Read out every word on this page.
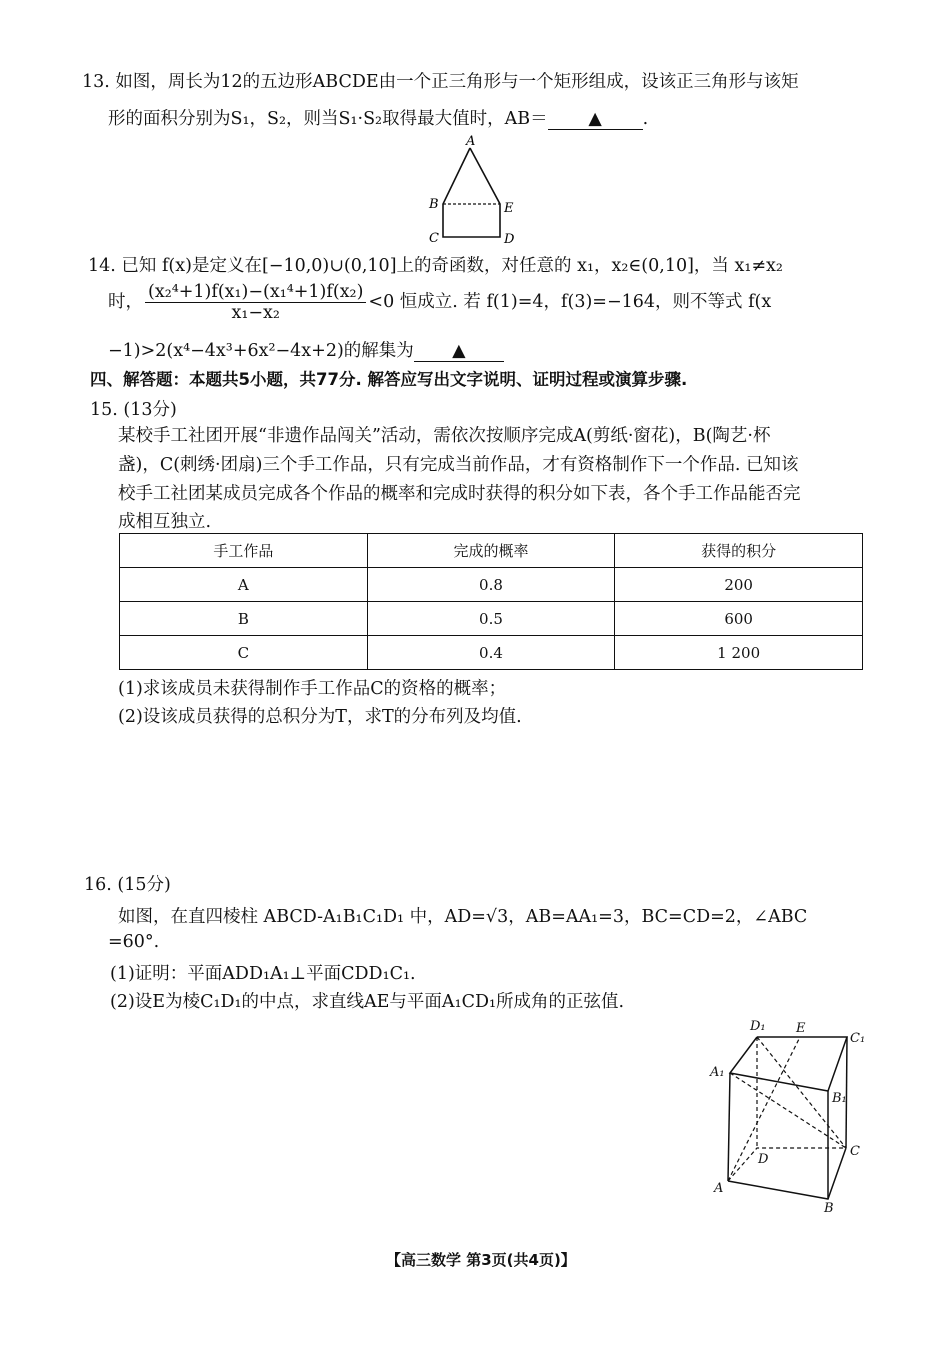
13. 如图，周长为12的五边形ABCDE由一个正三角形与一个矩形组成，设该正三角形与该矩
形的面积分别为S₁，S₂，则当S₁·S₂取得最大值时，AB＝ ▲ .
A
B	E
C	D
14. 已知 f(x)是定义在[−10,0)∪(0,10]上的奇函数，对任意的 x₁，x₂∈(0,10]，当 x₁≠x₂
时， $\frac{\text{(x₂⁴+1)f(x₁)−(x₁⁴+1)f(x₂)}}{\text{x₁−x₂}} <0$ 恒成立. 若 f(1)=4，f(3)=−164，则不等式 f(x
−1)>2(x⁴−4x³+6x²−4x+2)的解集为 ▲
四、解答题：本题共5小题，共77分. 解答应写出文字说明、证明过程或演算步骤.
15. (13分)
某校手工社团开展“非遗作品闯关”活动，需依次按顺序完成A(剪纸·窗花)，B(陶艺·杯
盏)，C(刺绣·团扇)三个手工作品，只有完成当前作品，才有资格制作下一个作品. 已知该
校手工社团某成员完成各个作品的概率和完成时获得的积分如下表，各个手工作品能否完
成相互独立.
手工作品	完成的概率	获得的积分
A	0.8	200
B	0.5	600
C	0.4	1 200
(1)求该成员未获得制作手工作品C的资格的概率；
(2)设该成员获得的总积分为T，求T的分布列及均值.
16. (15分)
如图，在直四棱柱 ABCD-A₁B₁C₁D₁ 中，AD=√3，AB=AA₁=3，BC=CD=2，∠ABC
=60°.
(1)证明：平面ADD₁A₁⊥平面CDD₁C₁.
(2)设E为棱C₁D₁的中点，求直线AE与平面A₁CD₁所成角的正弦值.
D₁ E
C₁
A₁
B₁
C
D
A
B
【高三数学 第3页(共4页)】
